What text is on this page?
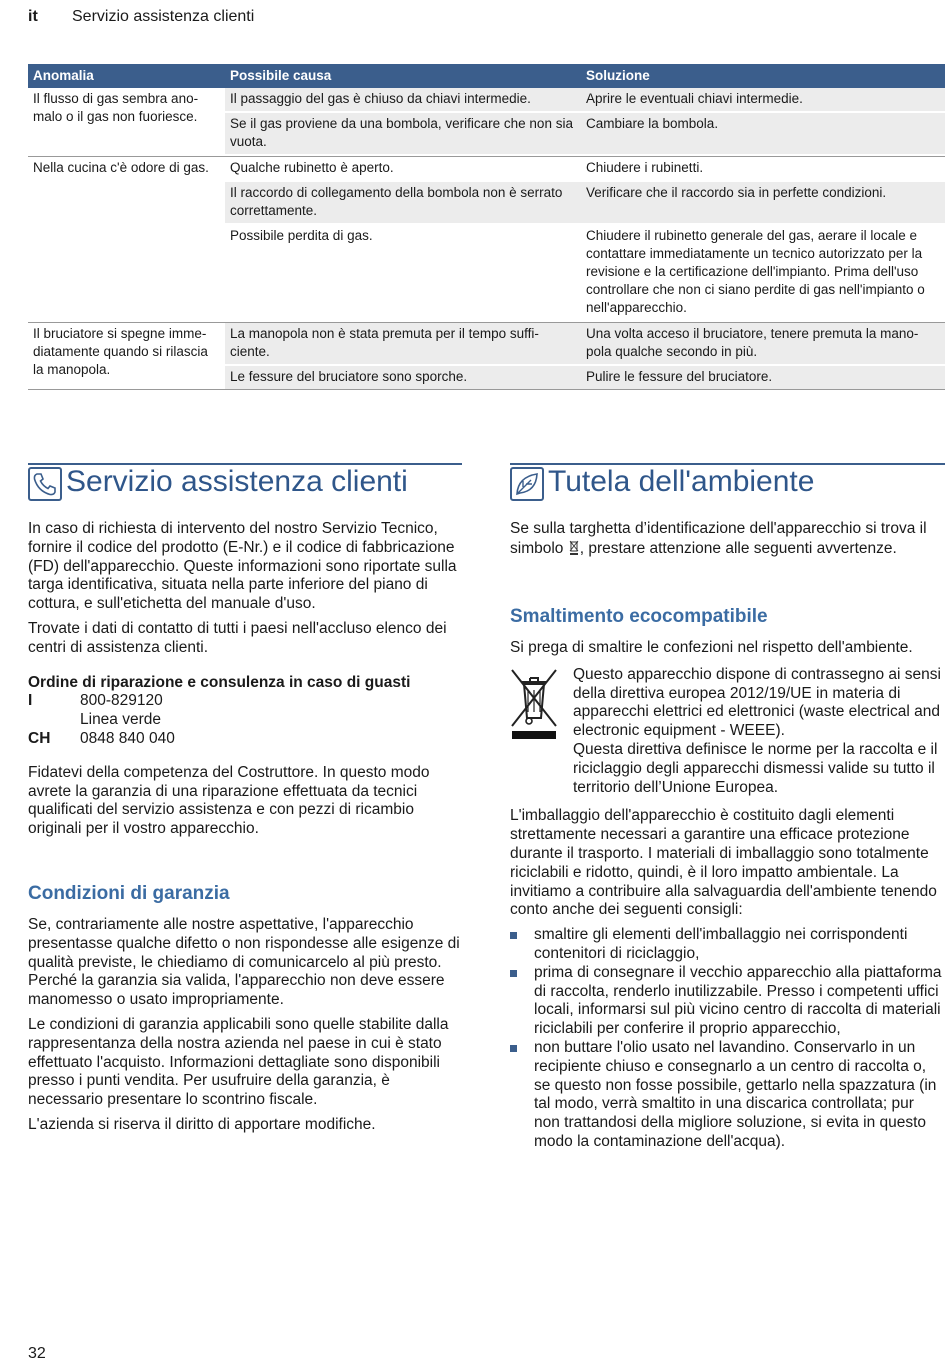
it Servizio assistenza clienti
Anomalia	Possibile causa	Soluzione
Il flusso di gas sembra ano-malo o il gas non fuoriesce.	Il passaggio del gas è chiuso da chiavi intermedie.	Aprire le eventuali chiavi intermedie.
	Se il gas proviene da una bombola, verificare che non sia vuota.	Cambiare la bombola.
Nella cucina c'è odore di gas.	Qualche rubinetto è aperto.	Chiudere i rubinetti.
	Il raccordo di collegamento della bombola non è serrato correttamente.	Verificare che il raccordo sia in perfette condizioni.
	Possibile perdita di gas.	Chiudere il rubinetto generale del gas, aerare il locale e contattare immediatamente un tecnico autorizzato per la revisione e la certificazione dell'impianto. Prima dell'uso controllare che non ci siano perdite di gas nell'impianto o nell'apparecchio.
Il bruciatore si spegne imme-diatamente quando si rilascia la manopola.	La manopola non è stata premuta per il tempo suffi-ciente.	Una volta acceso il bruciatore, tenere premuta la mano-pola qualche secondo in più.
	Le fessure del bruciatore sono sporche.	Pulire le fessure del bruciatore.
Servizio assistenza clienti	Tutela dell'ambiente

In caso di richiesta di intervento del nostro Servizio Tecnico, fornire il codice del prodotto (E-Nr.) e il codice di fabbricazione (FD) dell'apparecchio. Queste informazioni sono riportate sulla targa identificativa, situata nella parte inferiore del piano di cottura, e sull'etichetta del manuale d'uso.

Trovate i dati di contatto di tutti i paesi nell'accluso elenco dei centri di assistenza clienti.

Ordine di riparazione e consulenza in caso di guasti
I	800-829120
Linea verde
CH	0848 840 040

Fidatevi della competenza del Costruttore. In questo modo avrete la garanzia di una riparazione effettuata da tecnici qualificati del servizio assistenza e con pezzi di ricambio originali per il vostro apparecchio.

Condizioni di garanzia

Se, contrariamente alle nostre aspettative, l'apparecchio presentasse qualche difetto o non rispondesse alle esigenze di qualità previste, le chiediamo di comunicarcelo al più presto. Perché la garanzia sia valida, l'apparecchio non deve essere manomesso o usato impropriamente.

Le condizioni di garanzia applicabili sono quelle stabilite dalla rappresentanza della nostra azienda nel paese in cui è stato effettuato l'acquisto. Informazioni dettagliate sono disponibili presso i punti vendita. Per usufruire della garanzia, è necessario presentare lo scontrino fiscale.

L'azienda si riserva il diritto di apportare modifiche.

Se sulla targhetta d’identificazione dell'apparecchio si trova il simbolo , prestare attenzione alle seguenti avvertenze.

Smaltimento ecocompatibile

Si prega di smaltire le confezioni nel rispetto dell'ambiente.

Questo apparecchio dispone di contrassegno ai sensi della direttiva europea 2012/19/UE in materia di apparecchi elettrici ed elettronici (waste electrical and electronic equipment - WEEE).
Questa direttiva definisce le norme per la raccolta e il riciclaggio degli apparecchi dismessi valide su tutto il territorio dell’Unione Europea.

L'imballaggio dell'apparecchio è costituito dagli elementi strettamente necessari a garantire una efficace protezione durante il trasporto. I materiali di imballaggio sono totalmente riciclabili e ridotto, quindi, è il loro impatto ambientale. La invitiamo a contribuire alla salvaguardia dell'ambiente tenendo conto anche dei seguenti consigli:

smaltire gli elementi dell'imballaggio nei corrispondenti contenitori di riciclaggio,
prima di consegnare il vecchio apparecchio alla piattaforma di raccolta, renderlo inutilizzabile. Presso i competenti uffici locali, informarsi sul più vicino centro di raccolta di materiali riciclabili per conferire il proprio apparecchio,
non buttare l'olio usato nel lavandino. Conservarlo in un recipiente chiuso e consegnarlo a un centro di raccolta o, se questo non fosse possibile, gettarlo nella spazzatura (in tal modo, verrà smaltito in una discarica controllata; pur non trattandosi della migliore soluzione, si evita in questo modo la contaminazione dell'acqua).
32
